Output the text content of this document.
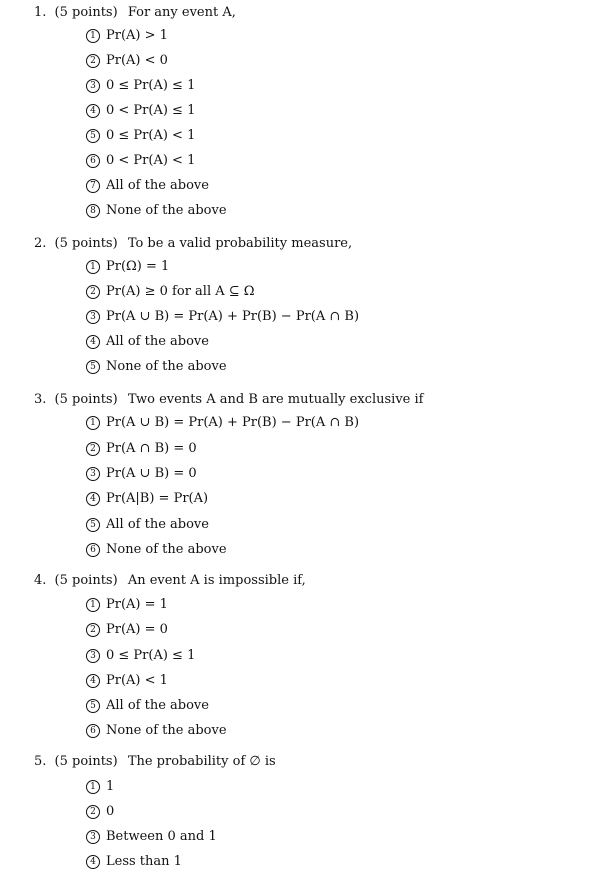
1. (5 points) For any event A,
1 Pr(A) > 1
2 Pr(A) < 0
3 0 ≤ Pr(A) ≤ 1
4 0 < Pr(A) ≤ 1
5 0 ≤ Pr(A) < 1
6 0 < Pr(A) < 1
7 All of the above
8 None of the above
2. (5 points) To be a valid probability measure,
1 Pr(Ω) = 1
2 Pr(A) ≥ 0 for all A ⊆ Ω
3 Pr(A ∪ B) = Pr(A) + Pr(B) − Pr(A ∩ B)
4 All of the above
5 None of the above
3. (5 points) Two events A and B are mutually exclusive if
1 Pr(A ∪ B) = Pr(A) + Pr(B) − Pr(A ∩ B)
2 Pr(A ∩ B) = 0
3 Pr(A ∪ B) = 0
4 Pr(A|B) = Pr(A)
5 All of the above
6 None of the above
4. (5 points) An event A is impossible if,
1 Pr(A) = 1
2 Pr(A) = 0
3 0 ≤ Pr(A) ≤ 1
4 Pr(A) < 1
5 All of the above
6 None of the above
5. (5 points) The probability of ∅ is
1 1
2 0
3 Between 0 and 1
4 Less than 1
